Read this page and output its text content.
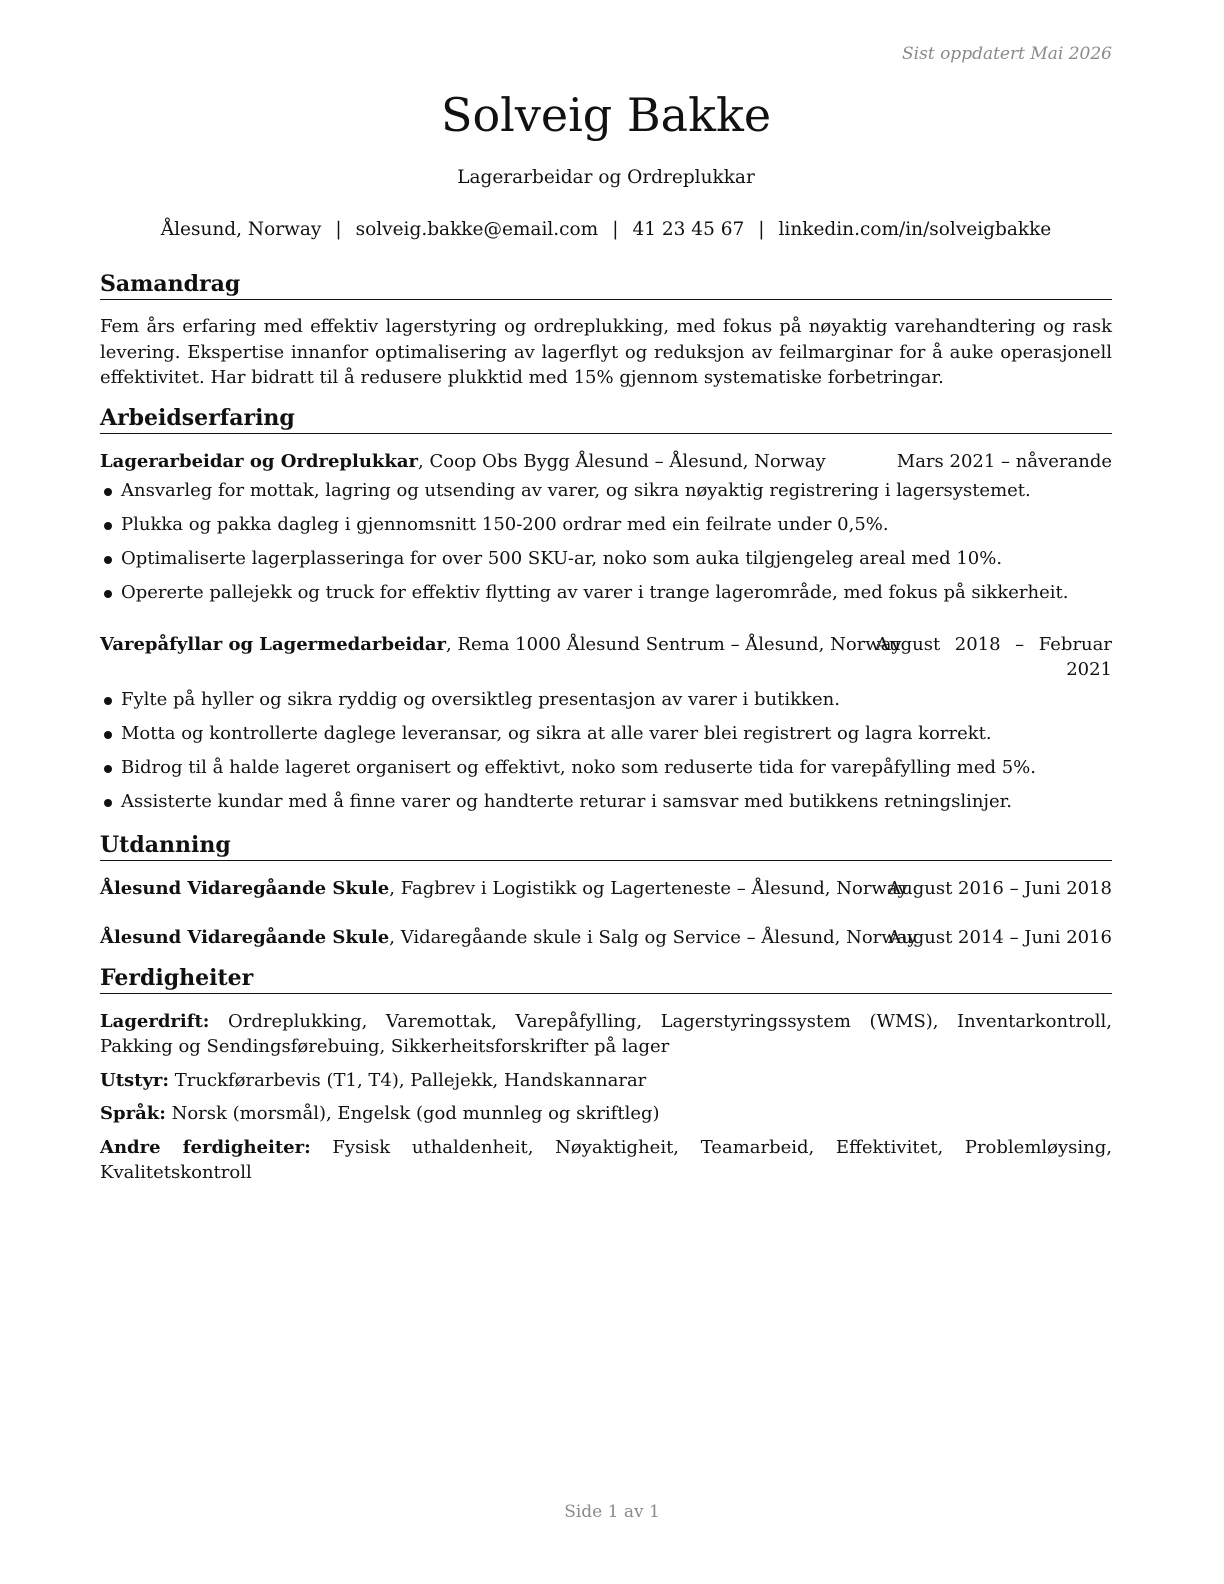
Sist oppdatert Mai 2026
Solveig Bakke
Lagerarbeidar og Ordreplukkar
Ålesund, Norway | solveig.bakke@email.com | 41 23 45 67 | linkedin.com/in/solveigbakke
Samandrag
Fem års erfaring med effektiv lagerstyring og ordreplukking, med fokus på nøyaktig varehandtering og rask levering. Ekspertise innanfor optimalisering av lagerflyt og reduksjon av feilmarginar for å auke operasjonell effektivitet. Har bidratt til å redusere plukktid med 15% gjennom systematiske forbetringar.
Arbeidserfaring
Lagerarbeidar og Ordreplukkar, Coop Obs Bygg Ålesund – Ålesund, Norway	Mars 2021 – nåverande
Ansvarleg for mottak, lagring og utsending av varer, og sikra nøyaktig registrering i lagersystemet.
Plukka og pakka dagleg i gjennomsnitt 150-200 ordrar med ein feilrate under 0,5%.
Optimaliserte lagerplasseringa for over 500 SKU-ar, noko som auka tilgjengeleg areal med 10%.
Opererte pallejekk og truck for effektiv flytting av varer i trange lagerområde, med fokus på sikkerheit.
Varepåfyllar og Lagermedarbeidar, Rema 1000 Ålesund Sentrum – Ålesund, Norway
August 2018 – Februar 2021
Fylte på hyller og sikra ryddig og oversiktleg presentasjon av varer i butikken.
Motta og kontrollerte daglege leveransar, og sikra at alle varer blei registrert og lagra korrekt.
Bidrog til å halde lageret organisert og effektivt, noko som reduserte tida for varepåfylling med 5%.
Assisterte kundar med å finne varer og handterte returar i samsvar med butikkens retningslinjer.
Utdanning
Ålesund Vidaregåande Skule, Fagbrev i Logistikk og Lagerteneste – Ålesund, Norway
August 2016 – Juni 2018
Ålesund Vidaregåande Skule, Vidaregåande skule i Salg og Service – Ålesund, Norway
August 2014 – Juni 2016
Ferdigheiter
Lagerdrift: Ordreplukking, Varemottak, Varepåfylling, Lagerstyringssystem (WMS), Inventarkontroll, Pakking og Sendingsførebuing, Sikkerheitsforskrifter på lager
Utstyr: Truckførarbevis (T1, T4), Pallejekk, Handskannarar
Språk: Norsk (morsmål), Engelsk (god munnleg og skriftleg)
Andre ferdigheiter: Fysisk uthaldenheit, Nøyaktigheit, Teamarbeid, Effektivitet, Problemløysing, Kvalitetskontroll
Side 1 av 1
